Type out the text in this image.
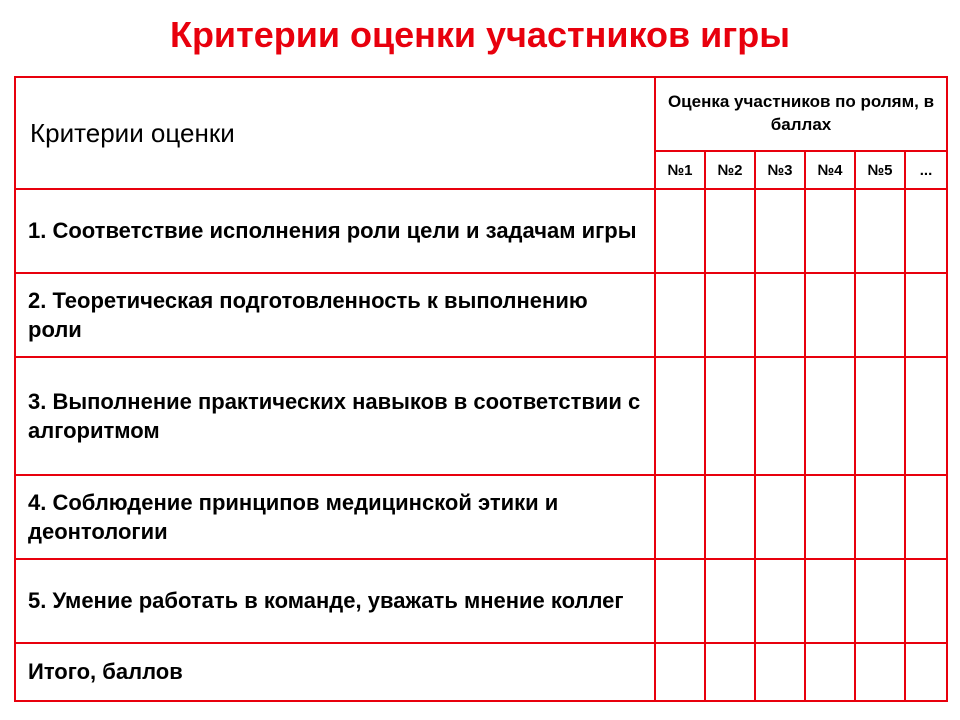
Критерии оценки участников игры
Критерии оценки	Оценка участников по ролям, в баллах					
	№1	№2	№3	№4	№5	...
1. Соответствие исполнения роли цели и задачам игры						
2. Теоретическая подготовленность к выполнению роли						
3. Выполнение практических навыков в соответствии с алгоритмом						
4. Соблюдение принципов медицинской этики и деонтологии						
5. Умение работать в команде, уважать мнение коллег						
Итого, баллов						
